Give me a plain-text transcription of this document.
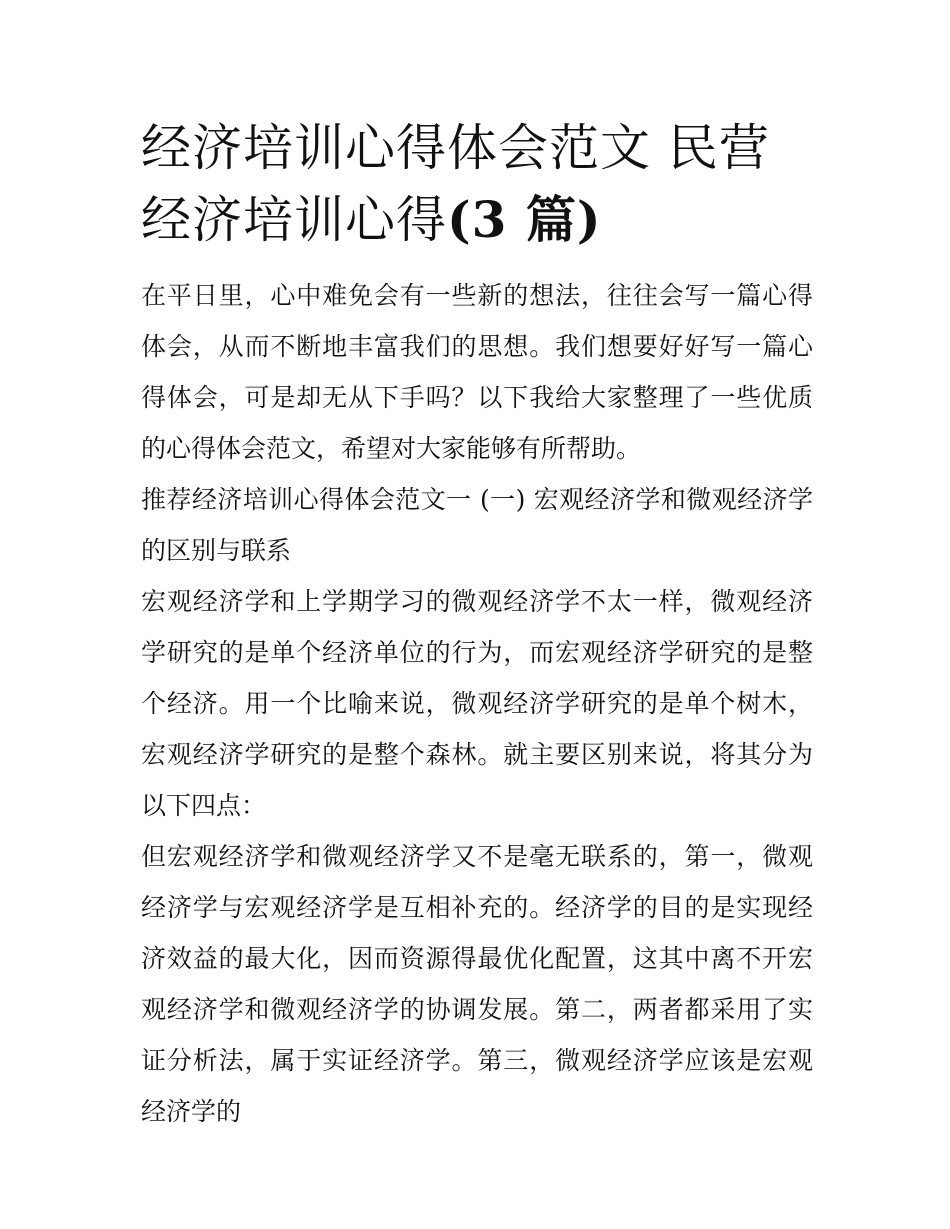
经济培训心得体会范文 民营经济培训心得(3 篇)

在平日里，心中难免会有一些新的想法，往往会写一篇心得体会，从而不断地丰富我们的思想。我们想要好好写一篇心得体会，可是却无从下手吗？以下我给大家整理了一些优质的心得体会范文，希望对大家能够有所帮助。

推荐经济培训心得体会范文一 (一) 宏观经济学和微观经济学的区别与联系

宏观经济学和上学期学习的微观经济学不太一样，微观经济学研究的是单个经济单位的行为，而宏观经济学研究的是整个经济。用一个比喻来说，微观经济学研究的是单个树木，宏观经济学研究的是整个森林。就主要区别来说，将其分为以下四点：

但宏观经济学和微观经济学又不是毫无联系的，第一，微观经济学与宏观经济学是互相补充的。经济学的目的是实现经济效益的最大化，因而资源得最优化配置，这其中离不开宏观经济学和微观经济学的协调发展。第二，两者都采用了实证分析法，属于实证经济学。第三，微观经济学应该是宏观经济学的
